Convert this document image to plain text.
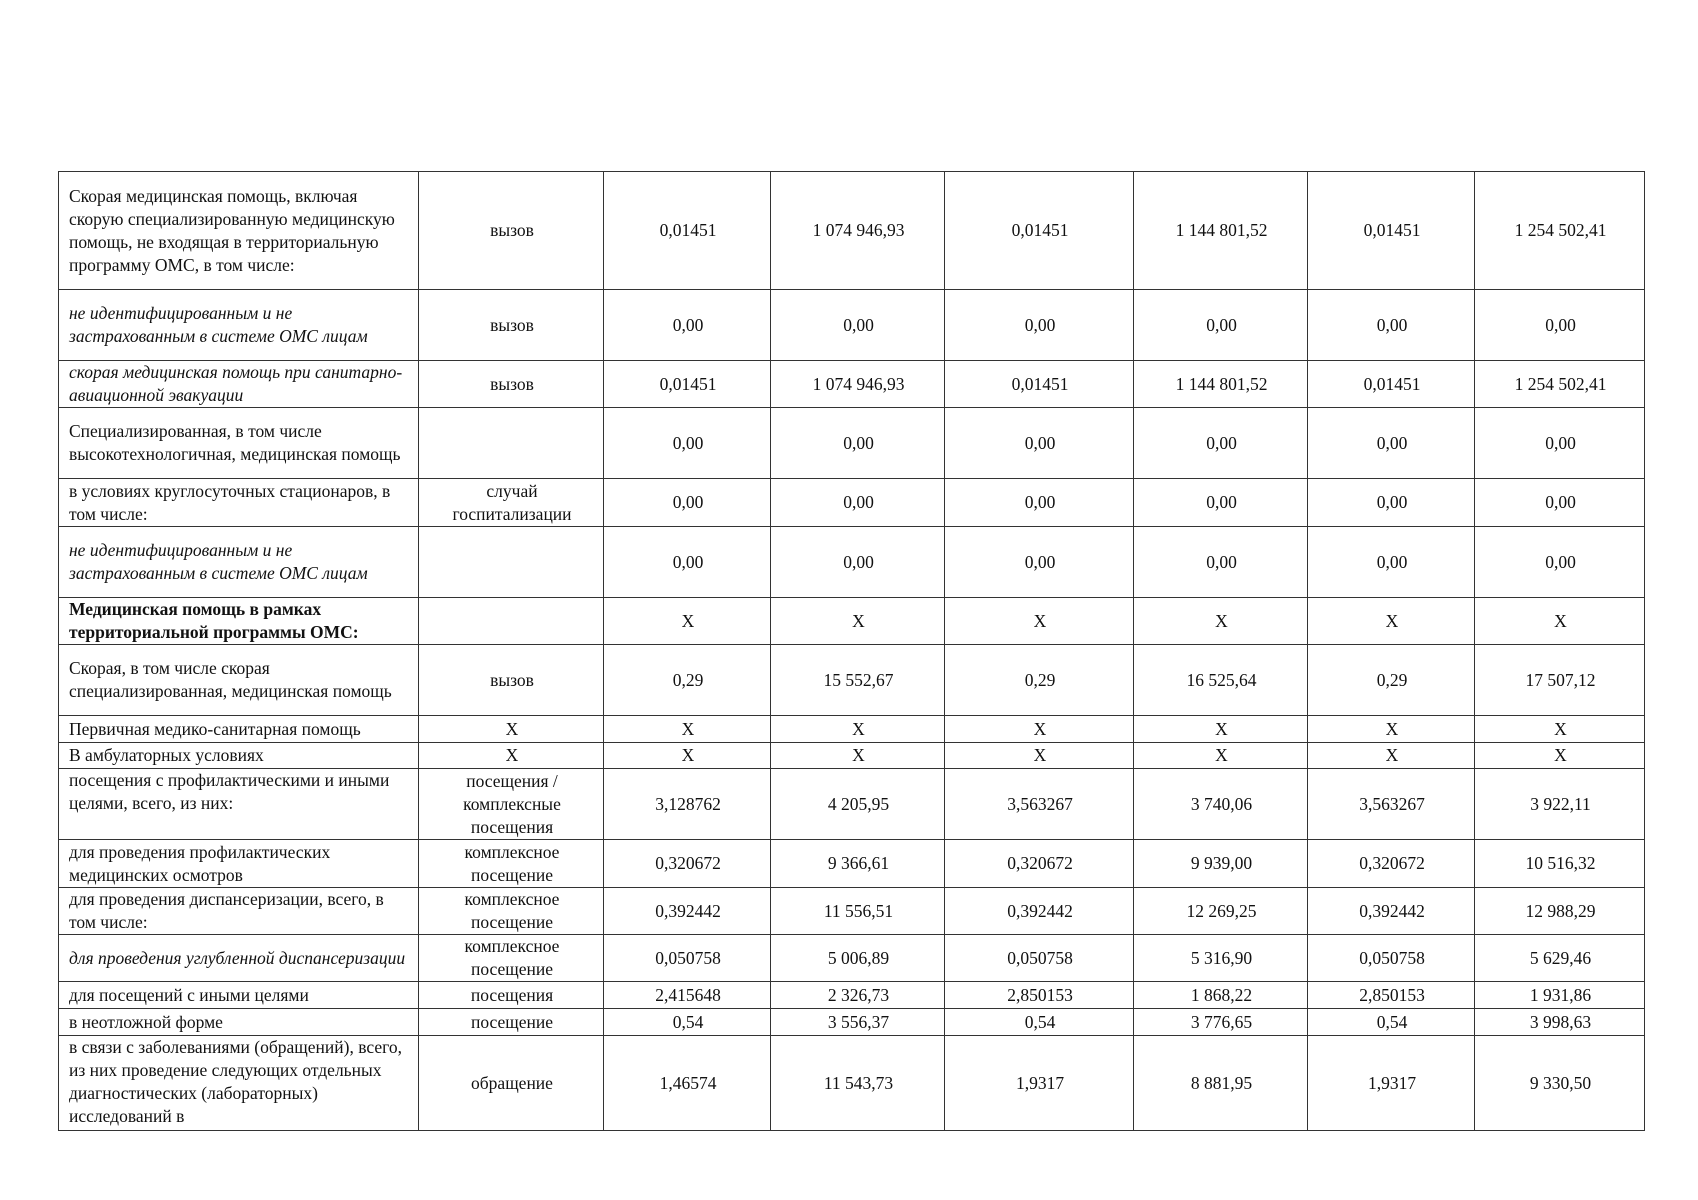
Скорая медицинская помощь, включая скорую специализированную медицинскую помощь, не входящая в территориальную программу ОМС, в том числе:	вызов	0,01451	1 074 946,93	0,01451	1 144 801,52	0,01451	1 254 502,41
не идентифицированным и не застрахованным в системе ОМС лицам	вызов	0,00	0,00	0,00	0,00	0,00	0,00
скорая медицинская помощь при санитарно-авиационной эвакуации	вызов	0,01451	1 074 946,93	0,01451	1 144 801,52	0,01451	1 254 502,41
Специализированная, в том числе высокотехнологичная, медицинская помощь		0,00	0,00	0,00	0,00	0,00	0,00
в условиях круглосуточных стационаров, в том числе:	случай госпитализации	0,00	0,00	0,00	0,00	0,00	0,00
не идентифицированным и не застрахованным в системе ОМС лицам		0,00	0,00	0,00	0,00	0,00	0,00
Медицинская помощь в рамках территориальной программы ОМС:		Х	Х	Х	Х	Х	Х
Скорая, в том числе скорая специализированная, медицинская помощь	вызов	0,29	15 552,67	0,29	16 525,64	0,29	17 507,12
Первичная медико-санитарная помощь	Х	Х	Х	Х	Х	Х	Х
В амбулаторных условиях	Х	Х	Х	Х	Х	Х	Х
посещения с профилактическими и иными целями, всего, из них:	посещения / комплексные посещения	3,128762	4 205,95	3,563267	3 740,06	3,563267	3 922,11
для проведения профилактических медицинских осмотров	комплексное посещение	0,320672	9 366,61	0,320672	9 939,00	0,320672	10 516,32
для проведения диспансеризации, всего, в том числе:	комплексное посещение	0,392442	11 556,51	0,392442	12 269,25	0,392442	12 988,29
для проведения углубленной диспансеризации	комплексное посещение	0,050758	5 006,89	0,050758	5 316,90	0,050758	5 629,46
для посещений с иными целями	посещения	2,415648	2 326,73	2,850153	1 868,22	2,850153	1 931,86
в неотложной форме	посещение	0,54	3 556,37	0,54	3 776,65	0,54	3 998,63
в связи с заболеваниями (обращений), всего, из них проведение следующих отдельных диагностических (лабораторных) исследований в	обращение	1,46574	11 543,73	1,9317	8 881,95	1,9317	9 330,50
